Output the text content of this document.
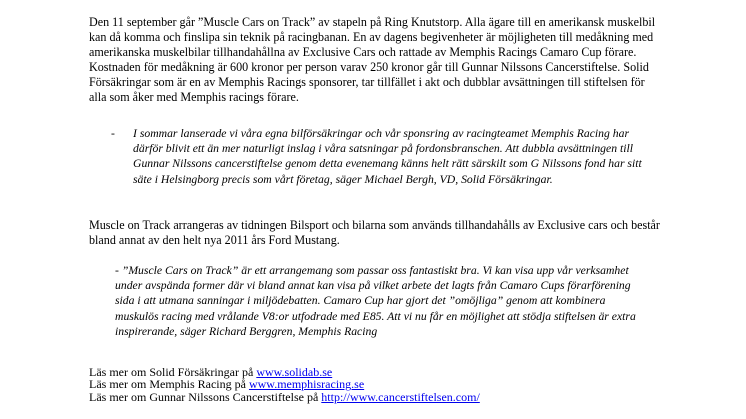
Den 11 september går ”Muscle Cars on Track” av stapeln på Ring Knutstorp. Alla ägare till en amerikansk muskelbil kan då komma och finslipa sin teknik på racingbanan. En av dagens begivenheter är möjligheten till medåkning med amerikanska muskelbilar tillhandahållna av Exclusive Cars och rattade av Memphis Racings Camaro Cup förare. Kostnaden för medåkning är 600 kronor per person varav 250 kronor går till Gunnar Nilssons Cancerstiftelse. Solid Försäkringar som är en av Memphis Racings sponsorer, tar tillfället i akt och dubblar avsättningen till stiftelsen för alla som åker med Memphis racings förare.

- I sommar lanserade vi våra egna bilförsäkringar och vår sponsring av racingteamet Memphis Racing har därför blivit ett än mer naturligt inslag i våra satsningar på fordonsbranschen. Att dubbla avsättningen till Gunnar Nilssons cancerstiftelse genom detta evenemang känns helt rätt särskilt som G Nilssons fond har sitt säte i Helsingborg precis som vårt företag, säger Michael Bergh, VD, Solid Försäkringar.

Muscle on Track arrangeras av tidningen Bilsport och bilarna som används tillhandahålls av Exclusive cars och består bland annat av den helt nya 2011 års Ford Mustang.

- ”Muscle Cars on Track” är ett arrangemang som passar oss fantastiskt bra. Vi kan visa upp vår verksamhet under avspända former där vi bland annat kan visa på vilket arbete det lagts från Camaro Cups förarförening sida i att utmana sanningar i miljödebatten. Camaro Cup har gjort det ”omöjliga” genom att kombinera muskulös racing med vrålande V8:or utfodrade med E85. Att vi nu får en möjlighet att stödja stiftelsen är extra inspirerande, säger Richard Berggren, Memphis Racing

Läs mer om Solid Försäkringar på www.solidab.se
Läs mer om Memphis Racing på www.memphisracing.se
Läs mer om Gunnar Nilssons Cancerstiftelse på http://www.cancerstiftelsen.com/
